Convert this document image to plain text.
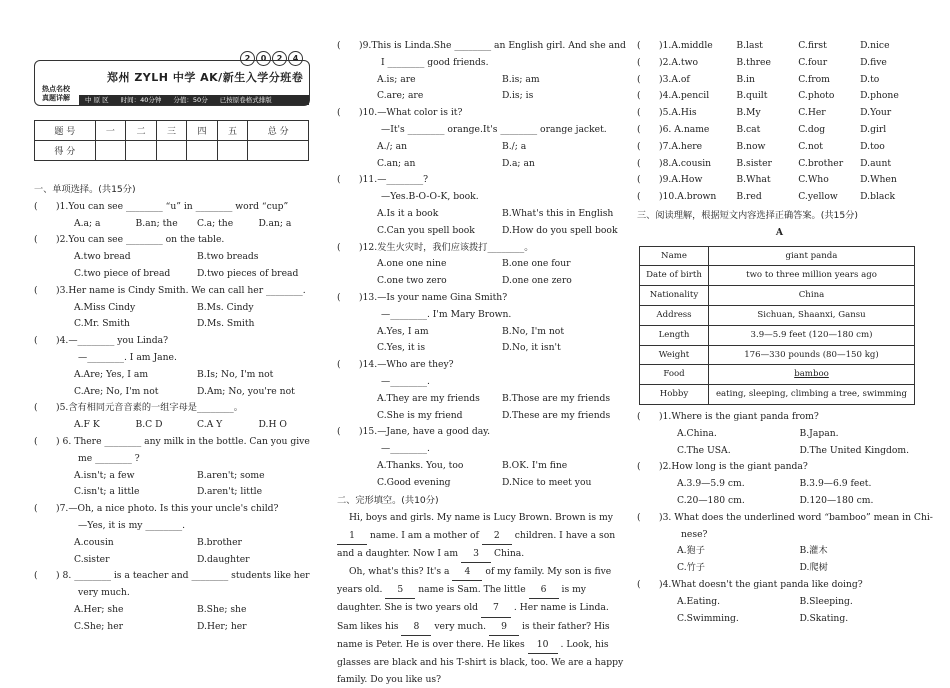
2	0	2	4
热点名校
真题详解
郑州 ZYLH 中学 AK/新生入学分班卷
中 原 区 时间：40分钟 分值：50分 已按原卷格式排版
题 号	一	二	三	四	五	总 分
得 分						
一、单项选择。(共15分)
(	)1.You can see ________ “u” in ________ word “cup”
A.a; a	B.an; the	C.a; the	D.an; a
(	)2.You can see ________ on the table.
A.two bread	B.two breads
C.two piece of bread	D.two pieces of bread
(	)3.Her name is Cindy Smith. We can call her ________.
A.Miss Cindy	B.Ms. Cindy
C.Mr. Smith	D.Ms. Smith
(	)4.—________ you Linda?
—________. I am Jane.
A.Are; Yes, I am	B.Is; No, I'm not
C.Are; No, I'm not	D.Am; No, you're not
(	)5.含有相同元音音素的一组字母是________。
A.F K	B.C D	C.A Y	D.H O
(	) 6. There ________ any milk in the bottle. Can you give
me ________ ?
A.isn't; a few	B.aren't; some
C.isn't; a little	D.aren't; little
(	)7.—Oh, a nice photo. Is this your uncle's child?
—Yes, it is my ________.
A.cousin	B.brother
C.sister	D.daughter
(	) 8. ________ is a teacher and ________ students like her
very much.
A.Her; she	B.She; she
C.She; her	D.Her; her
(	)9.This is Linda.She ________ an English girl. And she and
I ________ good friends.
A.is; are	B.is; am
C.are; are	D.is; is
(	)10.—What color is it?
—It's ________ orange.It's ________ orange jacket.
A./; an	B./; a
C.an; an	D.a; an
(	)11.—________?
—Yes.B-O-O-K, book.
A.Is it a book	B.What's this in English
C.Can you spell book	D.How do you spell book
(	)12.发生火灾时，我们应该拨打________。
A.one one nine	B.one one four
C.one two zero	D.one one zero
(	)13.—Is your name Gina Smith?
—________. I'm Mary Brown.
A.Yes, I am	B.No, I'm not
C.Yes, it is	D.No, it isn't
(	)14.—Who are they?
—________.
A.They are my friends	B.Those are my friends
C.She is my friend	D.These are my friends
(	)15.—Jane, have a good day.
—________.
A.Thanks. You, too	B.OK. I'm fine
C.Good evening	D.Nice to meet you
二、完形填空。(共10分)

Hi, boys and girls. My name is Lucy Brown. Brown is my 1 name. I am a mother of 2 children. I have a son and a daughter. Now I am 3 China.

Oh, what's this? It's a 4 of my family. My son is five years old. 5 name is Sam. The little 6 is my daughter. She is two years old 7 . Her name is Linda. Sam likes his 8 very much. 9 is their father? His name is Peter. He is over there. He likes 10 . Look, his glasses are black and his T-shirt is black, too. We are a happy family. Do you like us?

(	)1.A.middle	B.last	C.first	D.nice
(	)2.A.two	B.three	C.four	D.five
(	)3.A.of	B.in	C.from	D.to
(	)4.A.pencil	B.quilt	C.photo	D.phone
(	)5.A.His	B.My	C.Her	D.Your
(	)6. A.name	B.cat	C.dog	D.girl
(	)7.A.here	B.now	C.not	D.too
(	)8.A.cousin	B.sister	C.brother	D.aunt
(	)9.A.How	B.What	C.Who	D.When
(	)10.A.brown	B.red	C.yellow	D.black
三、阅读理解，根据短文内容选择正确答案。(共15分)
A
Name	giant panda
Date of birth	two to three million years ago
Nationality	China
Address	Sichuan, Shaanxi, Gansu
Length	3.9—5.9 feet (120—180 cm)
Weight	176—330 pounds (80—150 kg)
Food	bamboo
Hobby	eating, sleeping, climbing a tree, swimming
(	)1.Where is the giant panda from?
A.China.	B.Japan.
C.The USA.	D.The United Kingdom.
(	)2.How long is the giant panda?
A.3.9—5.9 cm.	B.3.9—6.9 feet.
C.20—180 cm.	D.120—180 cm.
(	)3. What does the underlined word “bamboo” mean in Chi-
nese?
A.狍子	B.灌木
C.竹子	D.爬树
(	)4.What doesn't the giant panda like doing?
A.Eating.	B.Sleeping.
C.Swimming.	D.Skating.
